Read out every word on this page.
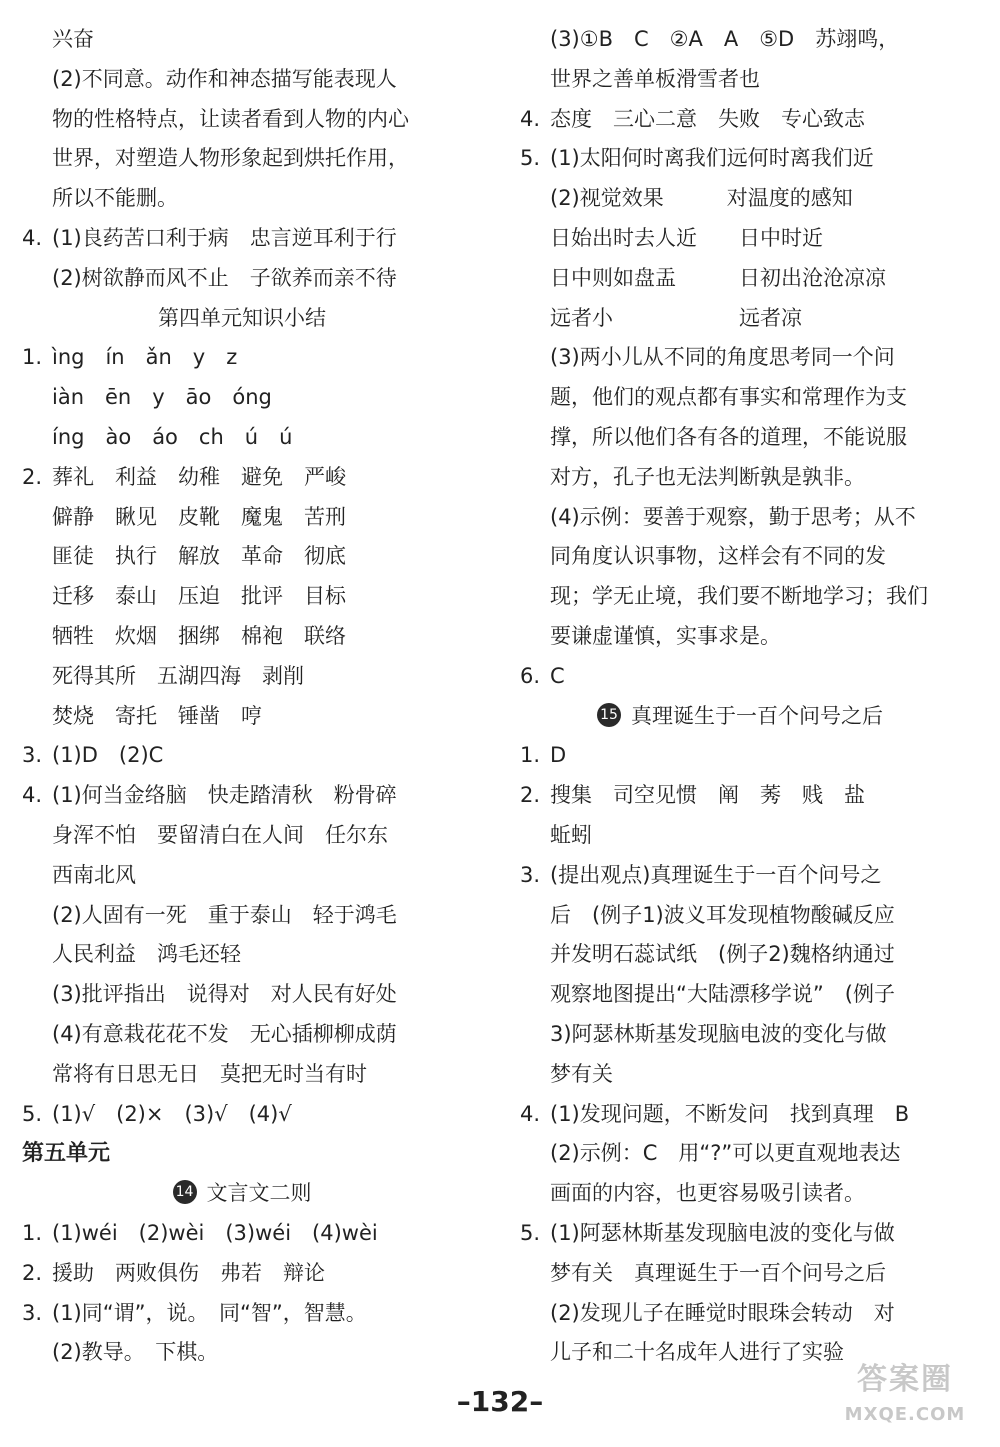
兴奋
(2)不同意。动作和神态描写能表现人
物的性格特点，让读者看到人物的内心
世界，对塑造人物形象起到烘托作用，
所以不能删。
4. (1)良药苦口利于病　忠言逆耳利于行
(2)树欲静而风不止　子欲养而亲不待
第四单元知识小结
1. ìng　ín　ǎn　y　z
iàn　ēn　y　āo　óng
íng　ào　áo　ch　ú　ú
2. 葬礼　利益　幼稚　避免　严峻
僻静　瞅见　皮靴　魔鬼　苦刑
匪徒　执行　解放　革命　彻底
迁移　泰山　压迫　批评　目标
牺牲　炊烟　捆绑　棉袍　联络
死得其所　五湖四海　剥削
焚烧　寄托　锤凿　哼
3. (1)D　(2)C
4. (1)何当金络脑　快走踏清秋　粉骨碎
身浑不怕　要留清白在人间　任尔东
西南北风
(2)人固有一死　重于泰山　轻于鸿毛
人民利益　鸿毛还轻
(3)批评指出　说得对　对人民有好处
(4)有意栽花花不发　无心插柳柳成荫
常将有日思无日　莫把无时当有时
5. (1)√　(2)×　(3)√　(4)√
第五单元
14 文言文二则
1. (1)wéi　(2)wèi　(3)wéi　(4)wèi
2. 援助　两败俱伤　弗若　辩论
3. (1)同“谓”，说。　同“智”，智慧。
(2)教导。　下棋。
(3)①B　C　②A　A　⑤D　苏翊鸣，
世界之善单板滑雪者也
4. 态度　三心二意　失败　专心致志
5. (1)太阳何时离我们远何时离我们近
(2)视觉效果　　　对温度的感知
日始出时去人近　　日中时近
日中则如盘盂　　　日初出沧沧凉凉
远者小　　　　　　远者凉
(3)两小儿从不同的角度思考同一个问
题，他们的观点都有事实和常理作为支
撑，所以他们各有各的道理，不能说服
对方，孔子也无法判断孰是孰非。
(4)示例：要善于观察，勤于思考；从不
同角度认识事物，这样会有不同的发
现；学无止境，我们要不断地学习；我们
要谦虚谨慎，实事求是。
6. C
15 真理诞生于一百个问号之后
1. D
2. 搜集　司空见惯　阐　莠　贱　盐
蚯蚓
3. (提出观点)真理诞生于一百个问号之
后　(例子1)波义耳发现植物酸碱反应
并发明石蕊试纸　(例子2)魏格纳通过
观察地图提出“大陆漂移学说”　(例子
3)阿瑟林斯基发现脑电波的变化与做
梦有关
4. (1)发现问题，不断发问　找到真理　B
(2)示例：C　用“?”可以更直观地表达
画面的内容，也更容易吸引读者。
5. (1)阿瑟林斯基发现脑电波的变化与做
梦有关　真理诞生于一百个问号之后
(2)发现儿子在睡觉时眼珠会转动　对
儿子和二十名成年人进行了实验
–132–
答案圈
MXQE.COM
